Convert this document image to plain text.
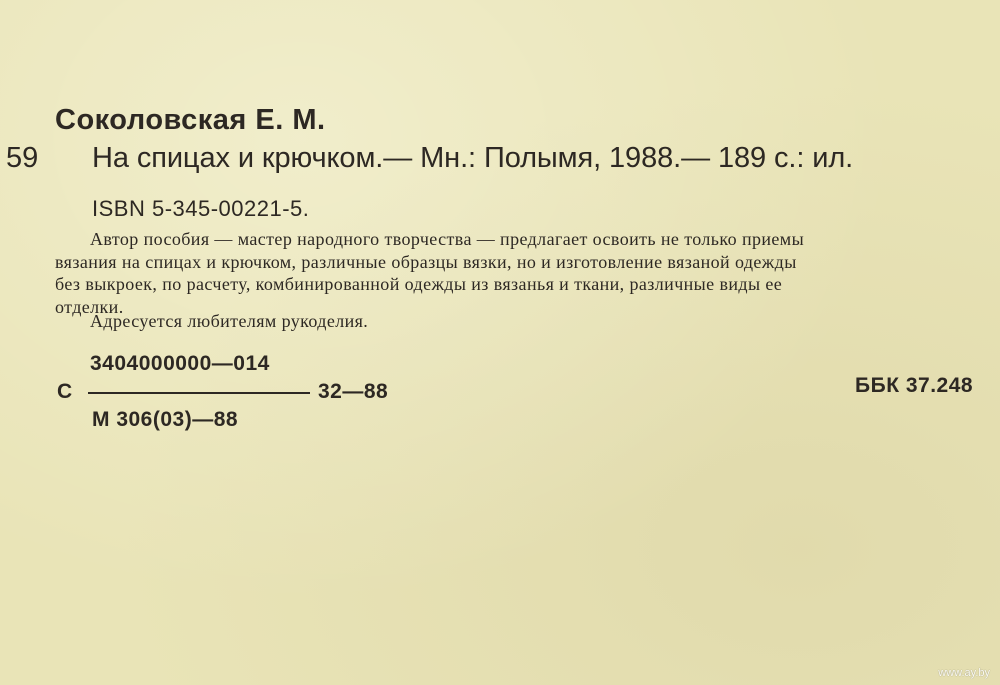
Соколовская Е. М.
59 На спицах и крючком.— Мн.: Полымя, 1988.— 189 с.: ил.
ISBN 5-345-00221-5.
Автор пособия — мастер народного творчества — предлагает освоить не только приемы
вязания на спицах и крючком, различные образцы вязки, но и изготовление вязаной одежды
без выкроек, по расчету, комбинированной одежды из вязанья и ткани, различные виды ее
отделки.
Адресуется любителям рукоделия.
3404000000—014
С	32—88
М 306(03)—88
ББК 37.248
www.ay.by
